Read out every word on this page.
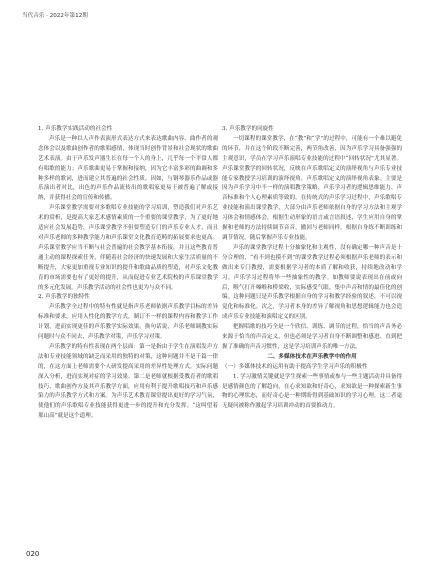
当代音乐 · 2022年第12期
1. 声乐教学实践活动的社会性

声乐是一种以人声作表演形式表达方式来表达歌曲内容、曲作者的观念体会以及歌曲创作者的歌唱感情，体现当时创作背景和社会现状的歌曲艺术表演。由于声乐发声器生长在每一个人的身上，几乎每一个平常人都有唱歌的能力；声乐歌曲更易于掌握和接纳，因为它丰富多彩的曲调和多种多样的歌词，进而建立其普遍的社会性质。因如，与钢琴器乐作品或器乐演出者对比，出色的声乐作品流传出的歌唱家更易于被普遍了解或接纳，并获得社会的宣传和传播。

声乐课堂教学需要对多歌唱专业技能的学习培训，塑造我们对声乐艺术的赏析，是提高大家艺术感情素质的一个重要的课堂教学，为了更好地适应社会发展趋势，声乐课堂教学不但要塑造专门的声乐专业人才，而且对声乐老师的多种教学能力和声乐课堂文化教育范畴的拓展要求也更高。声乐课堂教学应当不断与社会普遍的社会教学基本衔接，并且这些教育普通主动的课程探索任务，伴随着社会经济的快速发展和大家生活质量的不断提升，大家更加重视专业知识的提升和歌曲品质的塑造，对声乐文化教育的市场需要也有了更好的提升，从而促进专业艺术院校的声乐课堂教学的多元化发展。声乐教学活动的社会性也更为与众不同。

2. 声乐教学的独特性

声乐教学全过程中的特有性就是指声乐老师依据声乐教学目标的差异标准和要求，应用人性化的教学方式，制订不一样的课程内容和教学工作计划，进而实现更佳的声乐教学实际效果。换句话说，声乐老师调教实际问题时与众不同去，声乐教学对策，声乐学习对策。

声乐教学的特有性表现在两个层面：第一是指由于学生在演唱发声方法和专业技能领域的缺乏而采用的独特的对策，这种问题并不是千篇一律的，在这方面上老师需要个人研发提高采用的差异性处理方式。实际问题深入分析，进而实现对症的学习效果。第二是老师就根据受教育者的歌唱技巧、歌曲创作方及其声乐教学方面，应用有利于提升歌唱技巧和声乐感染力的声乐教学方式和方案。为声乐艺术教育课堂提出更好的学习气氛，使他们的声乐歌唱专业技能获得更进一步的提升和充分发挥。“这叫望着那山高”就是这个道理。

3. 声乐教学的同旋性

一切课程的课堂教学，在“教”和“学”的过程中，可能有一个难以避免的环节，并在这个阶段不断完善，两节角改善，因为声乐学习具备强强的主观意识，学员在学习声乐演唱专业技能的过程中“回转状况”尤其显著。声乐课堂教学的回转状况，反映在声乐歌唱定义的演绎视角与声乐专业技能专家教授学习培训的演绎视角。声乐歌唱定义的演绎视角表象。主要是因为声乐学习中不一样的演唱教学策略、声乐学习者的逻辑思维能力、声音标准和个人心理素质等致的。在传统式的声乐学习过程中，声乐歌唱专业技能和演出课堂教学，大部分由声乐老师依据自身的学习方法和主观学习体会和情感体会，根据生动形象的语言或言语叙述，学生应用自身的掌握和老师的方法持续调节音音，撤回与老师同样，根据自身练不断训练和调节情况，随后掌握声乐专业技能。

声乐的课堂教学过程十分抽象化和主观性，没有确定哪一种声音是十分合理的，“看不到也摸不到”的课堂教学过程必须根据声乐老师的表示和做出来专门教授，需要根据学习者的本质了解和收获，持续地改动和学习。声乐学习过程将毕一些抽象性的教学。如教师要说表现出在前或向后，喉气打开嗓喉和桥梁收，实际感受气眼、集中声音和情的最佳化的创编。这种问题只是声乐教学根据自身的学习和教学经验的叙述，不可以视觉化和标准化。次之，学习者本身的差异了解视角和思想逻辑能力也会造成声乐专业技能和演唱定义的区别。

把握唱歌的技巧全是一个欣信、训练、调节的过程，恰当的声音务必来源于恰当的声音定义，但也必须是学习者自身不断调整和感进、直到把握了准确的声音习惯性，这是学习培训声乐的唯一方法。

二、多媒体技术在声乐教学中的作用
（一）多媒体技术的运用有助于提高学生学习声乐的积极性

1. 学习激情关键就是学生探索一些事情或参与一些主题活动并具备得是感情颜色的了解趋向，在心求知欲和好奇心，求知欲是一种探索新生事物的心理状态，而好奇心是一种期盼得到基础知识的学习心理。这二者毫无疑问被称作激起学习培训冲动的首要推动力。

020
